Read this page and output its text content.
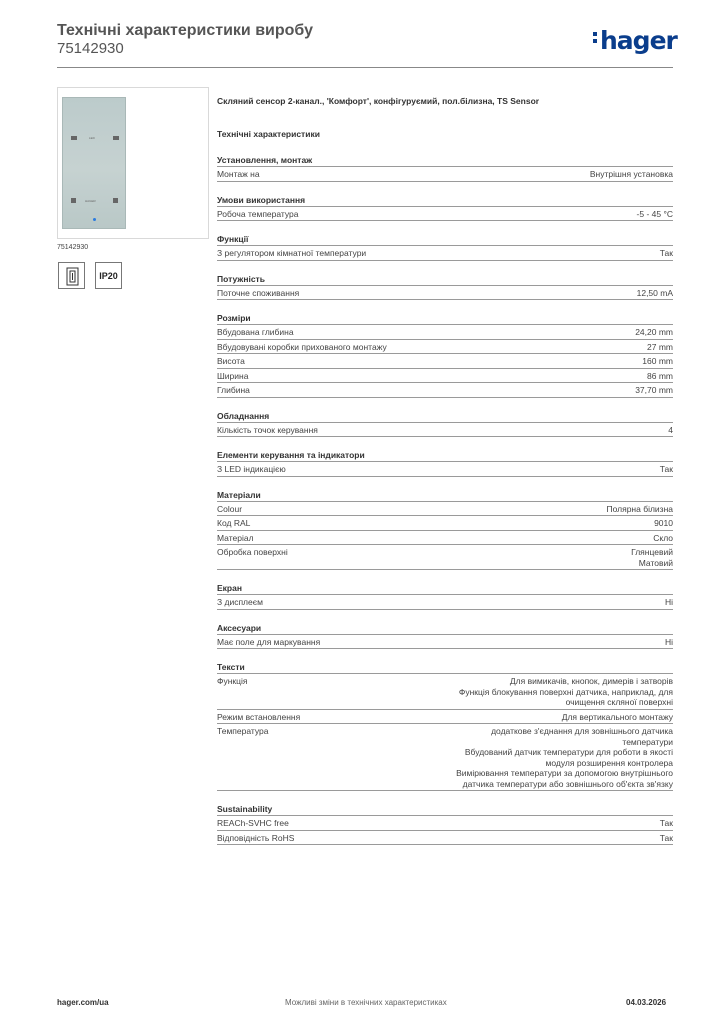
Технічні характеристики виробу
75142930	hager
LED
HAGER
75142930
IP20
Скляний сенсор 2-канал., 'Комфорт', конфігуруємий, пол.білизна, TS Sensor
Технічні характеристики
Установлення, монтаж
Монтаж на	Внутрішня установка
Умови використання
Робоча температура	-5 - 45 °C
Функції
З регулятором кімнатної температури	Так
Потужність
Поточне споживання	12,50 mA
Розміри
Вбудована глибина	24,20 mm
Вбудовувані коробки прихованого монтажу	27 mm
Висота	160 mm
Ширина	86 mm
Глибина	37,70 mm
Обладнання
Кількість точок керування	4
Елементи керування та індикатори
З LED індикацією	Так
Матеріали
Colour	Полярна білизна
Код RAL	9010
Матеріал	Скло
Обробка поверхні	Глянцевий
Матовий
Екран
З дисплеєм	Ні
Аксесуари
Має поле для маркування	Ні
Тексти
Функція	Для вимикачів, кнопок, димерів і затворів
Функція блокування поверхні датчика, наприклад, для
очищення скляної поверхні
Режим встановлення	Для вертикального монтажу
Температура	додаткове з'єднання для зовнішнього датчика
температури
Вбудований датчик температури для роботи в якості
модуля розширення контролера
Вимірювання температури за допомогою внутрішнього
датчика температури або зовнішнього об'єкта зв'язку
Sustainability
REACh-SVHC free	Так
Відповідність RoHS	Так
hager.com/ua	Можливі зміни в технічних характеристиках	04.03.2026
